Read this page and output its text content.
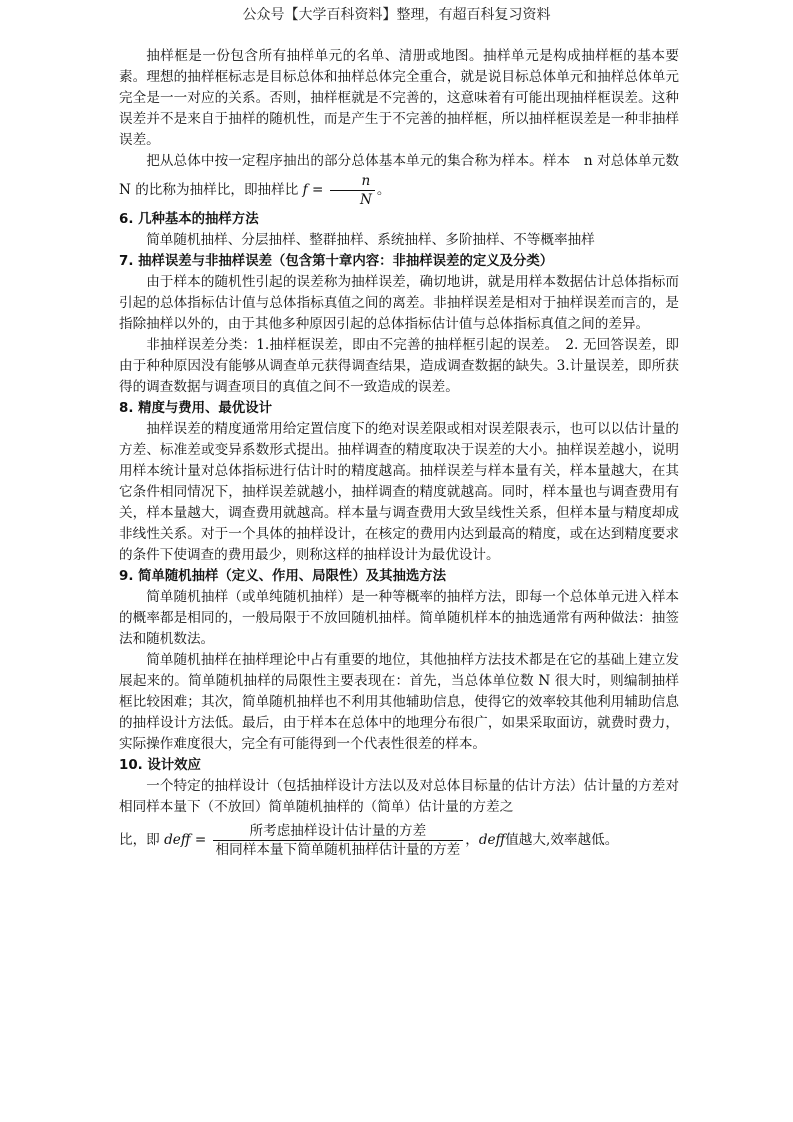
公众号【大学百科资料】整理，有超百科复习资料

抽样框是一份包含所有抽样单元的名单、清册或地图。抽样单元是构成抽样框的基本要素。理想的抽样框标志是目标总体和抽样总体完全重合，就是说目标总体单元和抽样总体单元完全是一一对应的关系。否则，抽样框就是不完善的，这意味着有可能出现抽样框误差。这种误差并不是来自于抽样的随机性，而是产生于不完善的抽样框，所以抽样框误差是一种非抽样误差。

把从总体中按一定程序抽出的部分总体基本单元的集合称为样本。样本　n 对总体单元数 N 的比称为抽样比，即抽样比 $f = \frac{n}{N}$ 。

6. 几种基本的抽样方法

简单随机抽样、分层抽样、整群抽样、系统抽样、多阶抽样、不等概率抽样

7. 抽样误差与非抽样误差（包含第十章内容：非抽样误差的定义及分类）

由于样本的随机性引起的误差称为抽样误差，确切地讲，就是用样本数据估计总体指标而引起的总体指标估计值与总体指标真值之间的离差。非抽样误差是相对于抽样误差而言的，是指除抽样以外的，由于其他多种原因引起的总体指标估计值与总体指标真值之间的差异。

非抽样误差分类：1.抽样框误差，即由不完善的抽样框引起的误差。　2. 无回答误差，即由于种种原因没有能够从调查单元获得调查结果，造成调查数据的缺失。3.计量误差，即所获得的调查数据与调查项目的真值之间不一致造成的误差。

8. 精度与费用、最优设计

抽样误差的精度通常用给定置信度下的绝对误差限或相对误差限表示，也可以以估计量的方差、标准差或变异系数形式提出。抽样调查的精度取决于误差的大小。抽样误差越小，说明用样本统计量对总体指标进行估计时的精度越高。抽样误差与样本量有关，样本量越大，在其它条件相同情况下，抽样误差就越小，抽样调查的精度就越高。同时，样本量也与调查费用有关，样本量越大，调查费用就越高。样本量与调查费用大致呈线性关系，但样本量与精度却成非线性关系。对于一个具体的抽样设计，在核定的费用内达到最高的精度，或在达到精度要求的条件下使调查的费用最少，则称这样的抽样设计为最优设计。

9. 简单随机抽样（定义、作用、局限性）及其抽选方法

简单随机抽样（或单纯随机抽样）是一种等概率的抽样方法，即每一个总体单元进入样本的概率都是相同的，一般局限于不放回随机抽样。简单随机样本的抽选通常有两种做法：抽签法和随机数法。

简单随机抽样在抽样理论中占有重要的地位，其他抽样方法技术都是在它的基础上建立发展起来的。简单随机抽样的局限性主要表现在：首先，当总体单位数 N 很大时，则编制抽样框比较困难；其次，简单随机抽样也不利用其他辅助信息，使得它的效率较其他利用辅助信息的抽样设计方法低。最后，由于样本在总体中的地理分布很广，如果采取面访，就费时费力，实际操作难度很大，完全有可能得到一个代表性很差的样本。

10. 设计效应

一个特定的抽样设计（包括抽样设计方法以及对总体目标量的估计方法）估计量的方差对相同样本量下（不放回）简单随机抽样的（简单）估计量的方差之

比，即 deff = $\frac{\text{所考虑抽样设计估计量的方差}}{\text{相同样本量下简单随机抽样估计量的方差}}$ ，deff值越大,效率越低。
